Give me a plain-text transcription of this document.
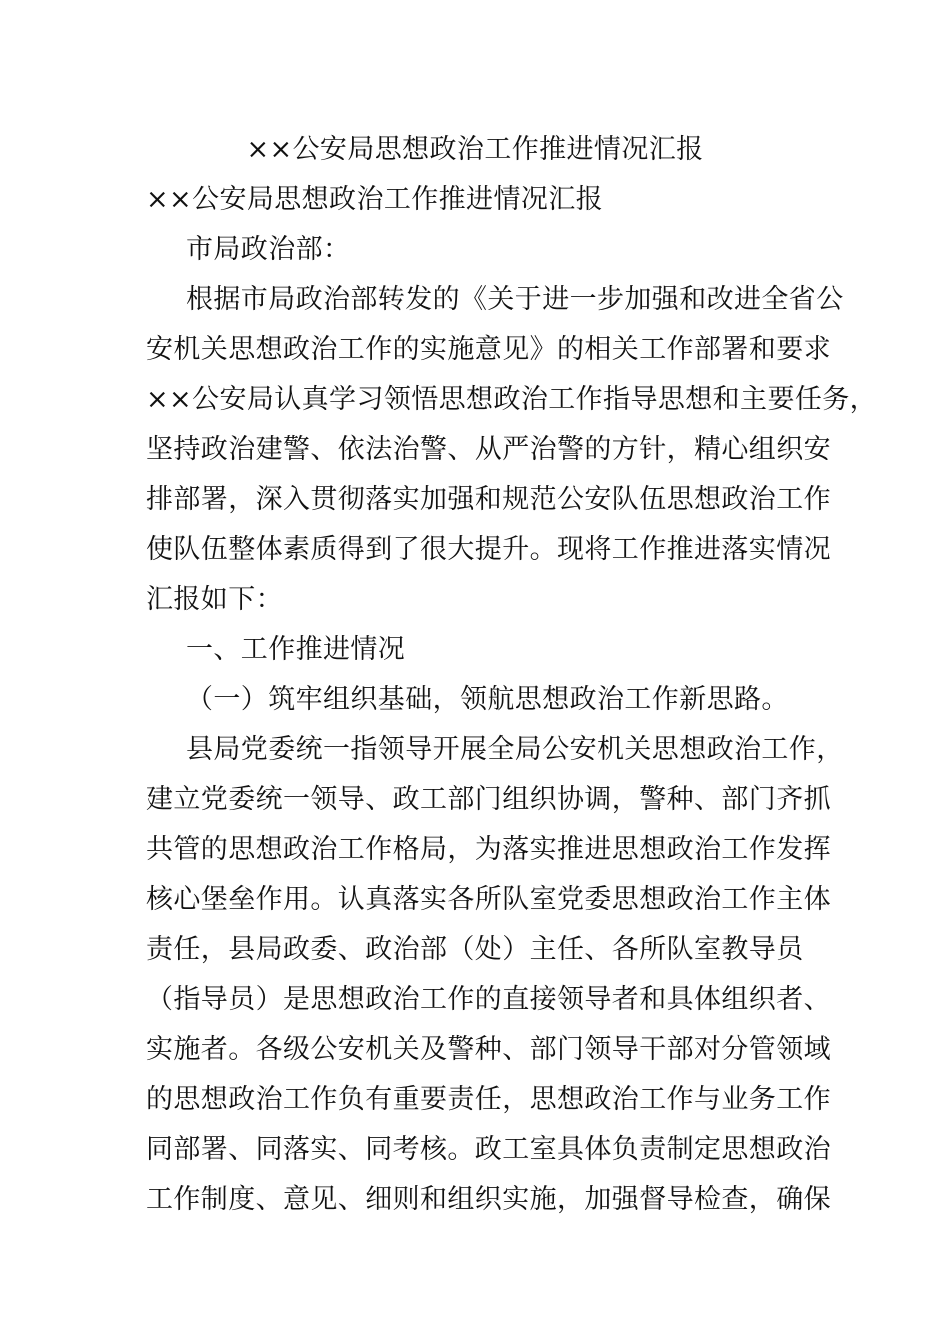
××公安局思想政治工作推进情况汇报
××公安局思想政治工作推进情况汇报
市局政治部：
根据市局政治部转发的《关于进一步加强和改进全省公
安机关思想政治工作的实施意见》的相关工作部署和要求
××公安局认真学习领悟思想政治工作指导思想和主要任务，
坚持政治建警、依法治警、从严治警的方针，精心组织安
排部署，深入贯彻落实加强和规范公安队伍思想政治工作
使队伍整体素质得到了很大提升。现将工作推进落实情况
汇报如下：
一、工作推进情况
（一）筑牢组织基础，领航思想政治工作新思路。
县局党委统一指领导开展全局公安机关思想政治工作，
建立党委统一领导、政工部门组织协调，警种、部门齐抓
共管的思想政治工作格局，为落实推进思想政治工作发挥
核心堡垒作用。认真落实各所队室党委思想政治工作主体
责任，县局政委、政治部（处）主任、各所队室教导员
（指导员）是思想政治工作的直接领导者和具体组织者、
实施者。各级公安机关及警种、部门领导干部对分管领域
的思想政治工作负有重要责任，思想政治工作与业务工作
同部署、同落实、同考核。政工室具体负责制定思想政治
工作制度、意见、细则和组织实施，加强督导检查，确保
